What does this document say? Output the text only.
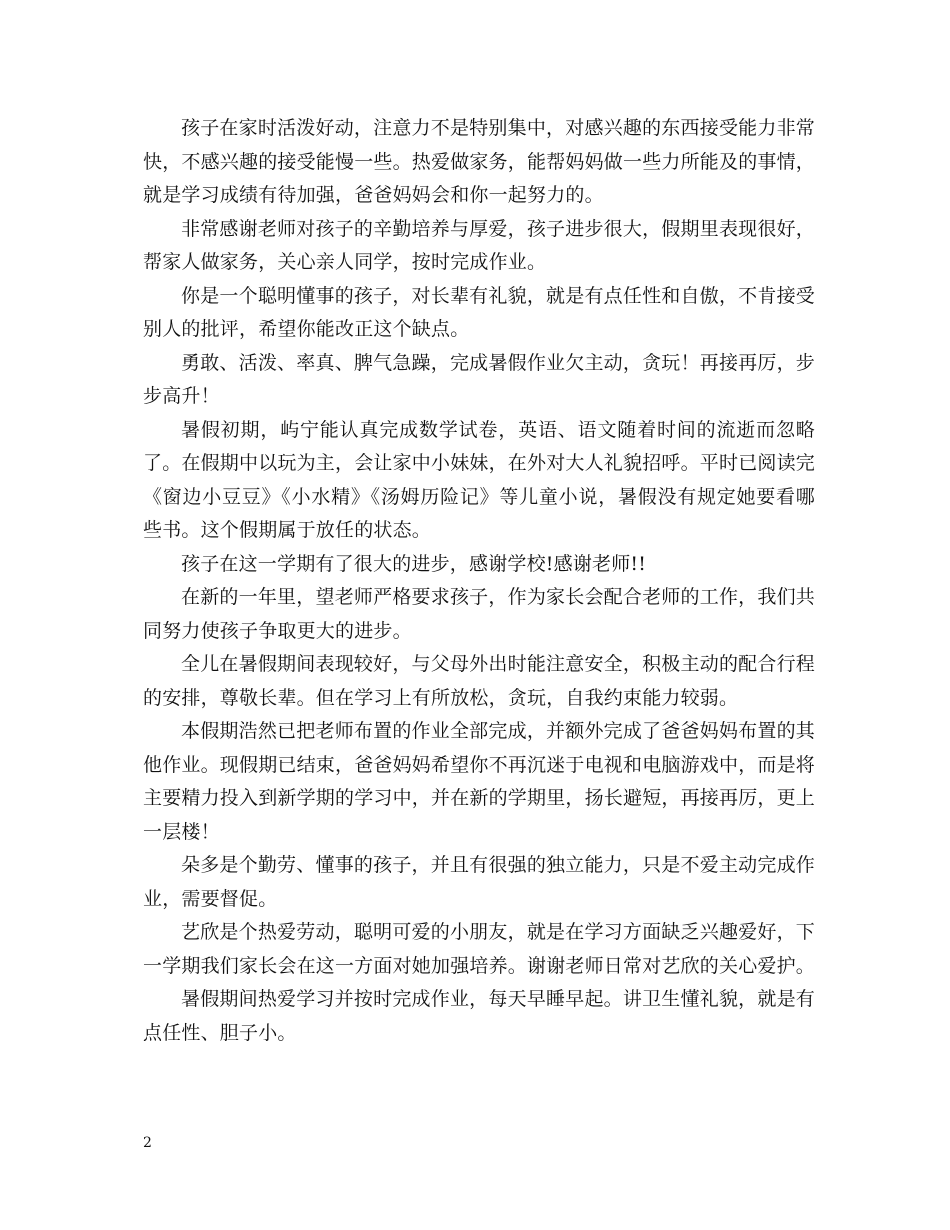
孩子在家时活泼好动，注意力不是特别集中，对感兴趣的东西接受能力非常快，不感兴趣的接受能慢一些。热爱做家务，能帮妈妈做一些力所能及的事情，就是学习成绩有待加强，爸爸妈妈会和你一起努力的。

非常感谢老师对孩子的辛勤培养与厚爱，孩子进步很大，假期里表现很好，帮家人做家务，关心亲人同学，按时完成作业。

你是一个聪明懂事的孩子，对长辈有礼貌，就是有点任性和自傲，不肯接受别人的批评，希望你能改正这个缺点。

勇敢、活泼、率真、脾气急躁，完成暑假作业欠主动，贪玩！再接再厉，步步高升！

暑假初期，屿宁能认真完成数学试卷，英语、语文随着时间的流逝而忽略了。在假期中以玩为主，会让家中小妹妹，在外对大人礼貌招呼。平时已阅读完《窗边小豆豆》《小水精》《汤姆历险记》等儿童小说，暑假没有规定她要看哪些书。这个假期属于放任的状态。

孩子在这一学期有了很大的进步，感谢学校!感谢老师!!

在新的一年里，望老师严格要求孩子，作为家长会配合老师的工作，我们共同努力使孩子争取更大的进步。

全儿在暑假期间表现较好，与父母外出时能注意安全，积极主动的配合行程的安排，尊敬长辈。但在学习上有所放松，贪玩，自我约束能力较弱。

本假期浩然已把老师布置的作业全部完成，并额外完成了爸爸妈妈布置的其他作业。现假期已结束，爸爸妈妈希望你不再沉迷于电视和电脑游戏中，而是将主要精力投入到新学期的学习中，并在新的学期里，扬长避短，再接再厉，更上一层楼！

朵多是个勤劳、懂事的孩子，并且有很强的独立能力，只是不爱主动完成作业，需要督促。

艺欣是个热爱劳动，聪明可爱的小朋友，就是在学习方面缺乏兴趣爱好，下一学期我们家长会在这一方面对她加强培养。谢谢老师日常对艺欣的关心爱护。

暑假期间热爱学习并按时完成作业，每天早睡早起。讲卫生懂礼貌，就是有点任性、胆子小。

2
